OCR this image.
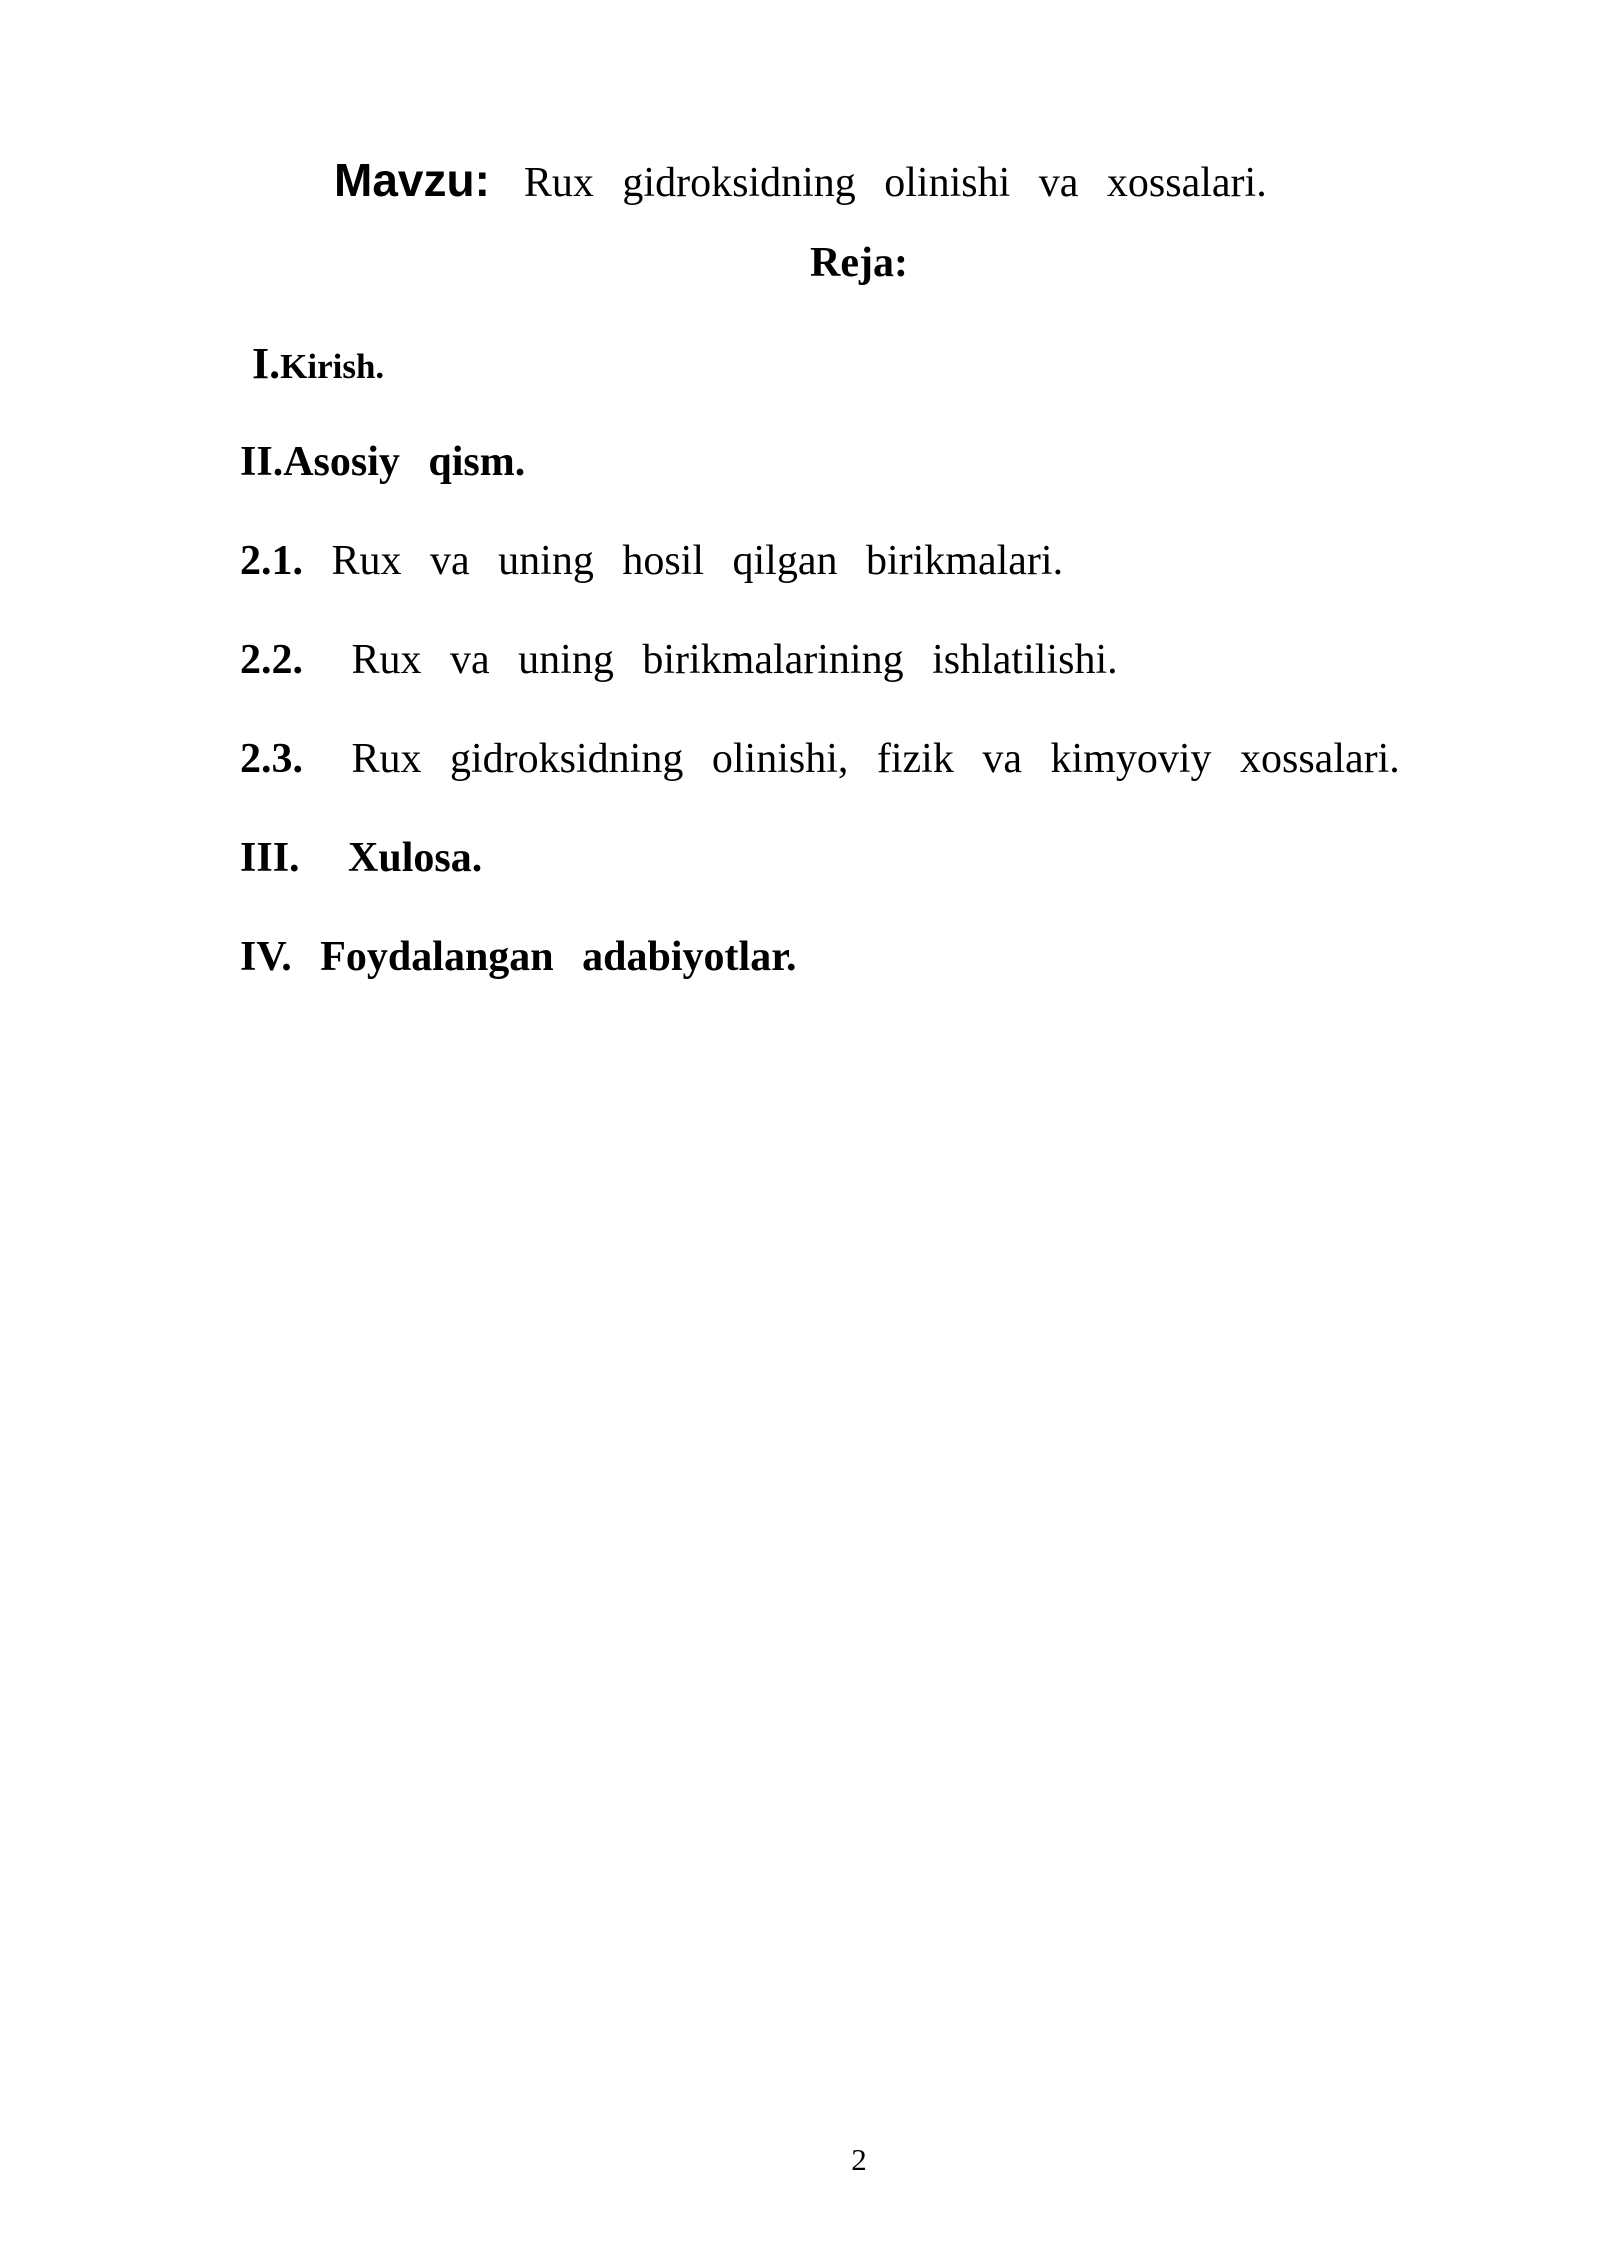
Mavzu: Rux gidroksidning olinishi va xossalari.
Reja:
I.Kirish.
II.Asosiy qism.
2.1. Rux va uning hosil qilgan birikmalari.
2.2. Rux va uning birikmalarining ishlatilishi.
2.3. Rux gidroksidning olinishi, fizik va kimyoviy xossalari.
III. Xulosa.
IV. Foydalangan adabiyotlar.
2
